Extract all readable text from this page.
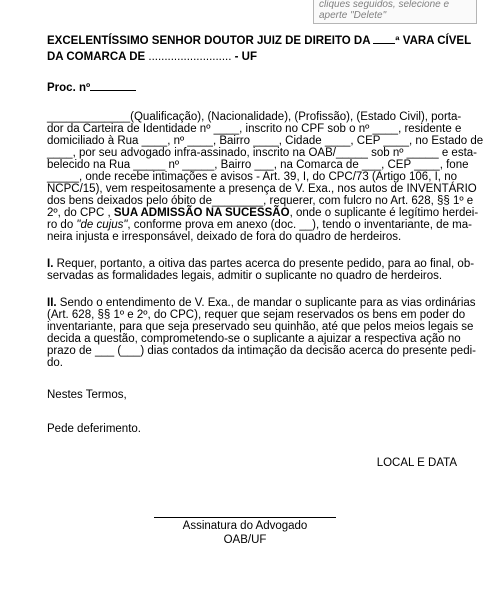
cliques seguidos, selecione e
aperte "Delete"
EXCELENTÍSSIMO SENHOR DOUTOR JUIZ DE DIREITO DA ª VARA CÍVEL
DA COMARCA DE .......................... - UF
Proc. nº
_____________(Qualificação), (Nacionalidade), (Profissão), (Estado Civil), porta-
dor da Carteira de Identidade nº ____, inscrito no CPF sob o nº ____, residente e
domiciliado à Rua ____, nº ____, Bairro ____, Cidade ____, CEP ____, no Estado de
____, por seu advogado infra-assinado, inscrito na OAB/_____ sob nº _____ e esta-
belecido na Rua _____ nº _____, Bairro ___, na Comarca de ___, CEP ____, fone
_____, onde recebe intimações e avisos - Art. 39, I, do CPC/73 (Artigo 106, I, no
NCPC/15), vem respeitosamente a presença de V. Exa., nos autos de INVENTÁRIO
dos bens deixados pelo óbito de________, requerer, com fulcro no Art. 628, §§ 1º e
2º, do CPC , SUA ADMISSÃO NA SUCESSÃO, onde o suplicante é legítimo herdei-
ro do "de cujus", conforme prova em anexo (doc. __), tendo o inventariante, de ma-
neira injusta e irresponsável, deixado de fora do quadro de herdeiros.
I. Requer, portanto, a oitiva das partes acerca do presente pedido, para ao final, ob-
servadas as formalidades legais, admitir o suplicante no quadro de herdeiros.
II. Sendo o entendimento de V. Exa., de mandar o suplicante para as vias ordinárias
(Art. 628, §§ 1º e 2º, do CPC), requer que sejam reservados os bens em poder do
inventariante, para que seja preservado seu quinhão, até que pelos meios legais se
decida a questão, comprometendo-se o suplicante a ajuizar a respectiva ação no
prazo de ___ (___) dias contados da intimação da decisão acerca do presente pedi-
do.

Nestes Termos,

Pede deferimento.

LOCAL E DATA

Assinatura do Advogado
OAB/UF
